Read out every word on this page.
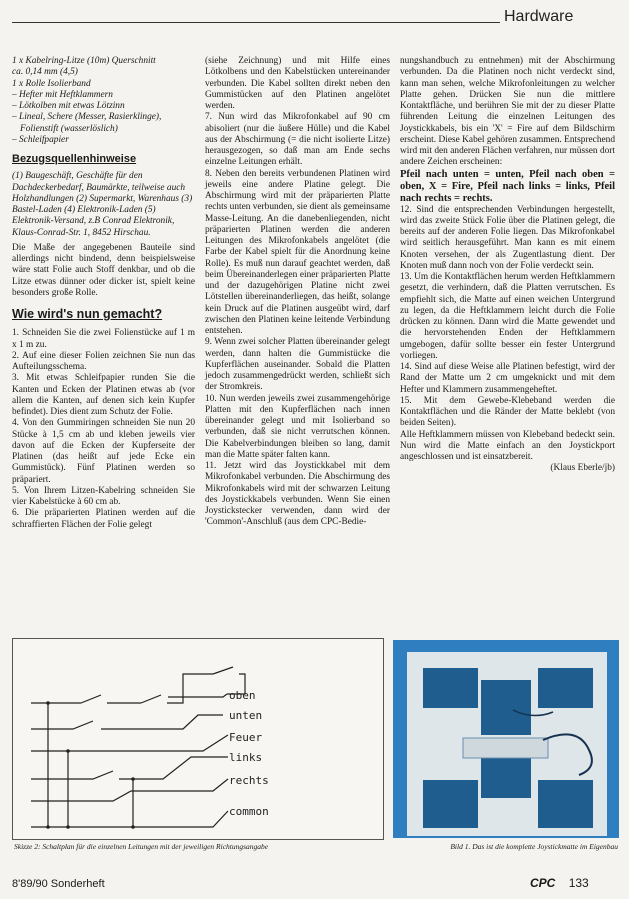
Hardware

1 x Kabelring-Litze (10m) Querschnitt

ca. 0,14 mm (4,5)

1 x Rolle Isolierband

– Hefter mit Heftklammern

– Lötkolben mit etwas Lötzinn

– Lineal, Schere (Messer, Rasierklinge),

Folienstift (wasserlöslich)

– Schleifpapier

Bezugsquellenhinweise

(1) Baugeschäft, Geschäfte für den Dachdeckerbedarf, Baumärkte, teilweise auch Holzhandlungen (2) Supermarkt, Warenhaus (3) Bastel-Laden (4) Elektronik-Laden (5) Elektronik-Versand, z.B Conrad Elektronik, Klaus-Conrad-Str. 1, 8452 Hirschau.

Die Maße der angegebenen Bauteile sind allerdings nicht bindend, denn beispielsweise wäre statt Folie auch Stoff denkbar, und ob die Litze etwas dünner oder dicker ist, spielt keine besonders große Rolle.

Wie wird's nun gemacht?

1. Schneiden Sie die zwei Folienstücke auf 1 m x 1 m zu.

2. Auf eine dieser Folien zeichnen Sie nun das Aufteilungsschema.

3. Mit etwas Schleifpapier runden Sie die Kanten und Ecken der Platinen etwas ab (vor allem die Kanten, auf denen sich kein Kupfer befindet). Dies dient zum Schutz der Folie.

4. Von den Gummiringen schneiden Sie nun 20 Stücke à 1,5 cm ab und kleben jeweils vier davon auf die Ecken der Kupferseite der Platinen (das heißt auf jede Ecke ein Gummistück). Fünf Platinen werden so präpariert.

5. Von Ihrem Litzen-Kabelring schneiden Sie vier Kabelstücke à 60 cm ab.

6. Die präparierten Platinen werden auf die schraffierten Flächen der Folie gelegt

(siehe Zeichnung) und mit Hilfe eines Lötkolbens und den Kabelstücken untereinander verbunden. Die Kabel sollten direkt neben den Gummistücken auf den Platinen angelötet werden.

7. Nun wird das Mikrofonkabel auf 90 cm abisoliert (nur die äußere Hülle) und die Kabel aus der Abschirmung (= die nicht isolierte Litze) herausgezogen, so daß man am Ende sechs einzelne Leitungen erhält.

8. Neben den bereits verbundenen Platinen wird jeweils eine andere Platine gelegt. Die Abschirmung wird mit der präparierten Platte rechts unten verbunden, sie dient als gemeinsame Masse-Leitung. An die danebenliegenden, nicht präparierten Platinen werden die anderen Leitungen des Mikrofonkabels angelötet (die Farbe der Kabel spielt für die Anordnung keine Rolle). Es muß nun darauf geachtet werden, daß beim Übereinanderlegen einer präparierten Platte und der dazugehörigen Platine nicht zwei Lötstellen übereinanderliegen, das heißt, solange kein Druck auf die Platinen ausgeübt wird, darf zwischen den Platinen keine leitende Verbindung entstehen.

9. Wenn zwei solcher Platten übereinander gelegt werden, dann halten die Gummistücke die Kupferflächen auseinander. Sobald die Platten jedoch zusammengedrückt werden, schließt sich der Stromkreis.

10. Nun werden jeweils zwei zusammengehörige Platten mit den Kupferflächen nach innen übereinander gelegt und mit Isolierband so verbunden, daß sie nicht verrutschen können. Die Kabelverbindungen bleiben so lang, damit man die Matte später falten kann.

11. Jetzt wird das Joystickkabel mit dem Mikrofonkabel verbunden. Die Abschirmung des Mikrofonkabels wird mit der schwarzen Leitung des Joystickkabels verbunden. Wenn Sie einen Joystickstecker verwenden, dann wird der 'Common'-Anschluß (aus dem CPC-Bedie-

nungshandbuch zu entnehmen) mit der Abschirmung verbunden. Da die Platinen noch nicht verdeckt sind, kann man sehen, welche Mikrofonleitungen zu welcher Platte gehen. Drücken Sie nun die mittlere Kontaktfläche, und berühren Sie mit der zu dieser Platte führenden Leitung die einzelnen Leitungen des Joystickkabels, bis ein 'X' = Fire auf dem Bildschirm erscheint. Diese Kabel gehören zusammen. Entsprechend wird mit den anderen Flächen verfahren, nur müssen dort andere Zeichen erscheinen:

Pfeil nach unten = unten, Pfeil nach oben = oben, X = Fire, Pfeil nach links = links, Pfeil nach rechts = rechts.

12. Sind die entsprechenden Verbindungen hergestellt, wird das zweite Stück Folie über die Platinen gelegt, die bereits auf der anderen Folie liegen. Das Mikrofonkabel wird seitlich herausgeführt. Man kann es mit einem Knoten versehen, der als Zugentlastung dient. Der Knoten muß dann noch von der Folie verdeckt sein.

13. Um die Kontaktflächen herum werden Heftklammern gesetzt, die verhindern, daß die Platten verrutschen. Es empfiehlt sich, die Matte auf einen weichen Untergrund zu legen, da die Heftklammern leicht durch die Folie drücken zu können. Dann wird die Matte gewendet und die hervorstehenden Enden der Heftklammern umgebogen, dafür sollte besser ein fester Untergrund vorliegen.

14. Sind auf diese Weise alle Platinen befestigt, wird der Rand der Matte um 2 cm umgeknickt und mit dem Hefter und Klammern zusammengeheftet.

15. Mit dem Gewebe-Klebeband werden die Kontaktflächen und die Ränder der Matte beklebt (von beiden Seiten).

Alle Heftklammern müssen von Klebeband bedeckt sein. Nun wird die Matte einfach an den Joystickport angeschlossen und ist einsatzbereit.

(Klaus Eberle/jb)

oben
unten
Feuer
links
rechts
common
Skizze 2: Schaltplan für die einzelnen Leitungen mit der jeweiligen Richtungsangabe	Bild 1. Das ist die komplette Joystickmatte im Eigenbau
8'89/90 Sonderheft	CPC 133
